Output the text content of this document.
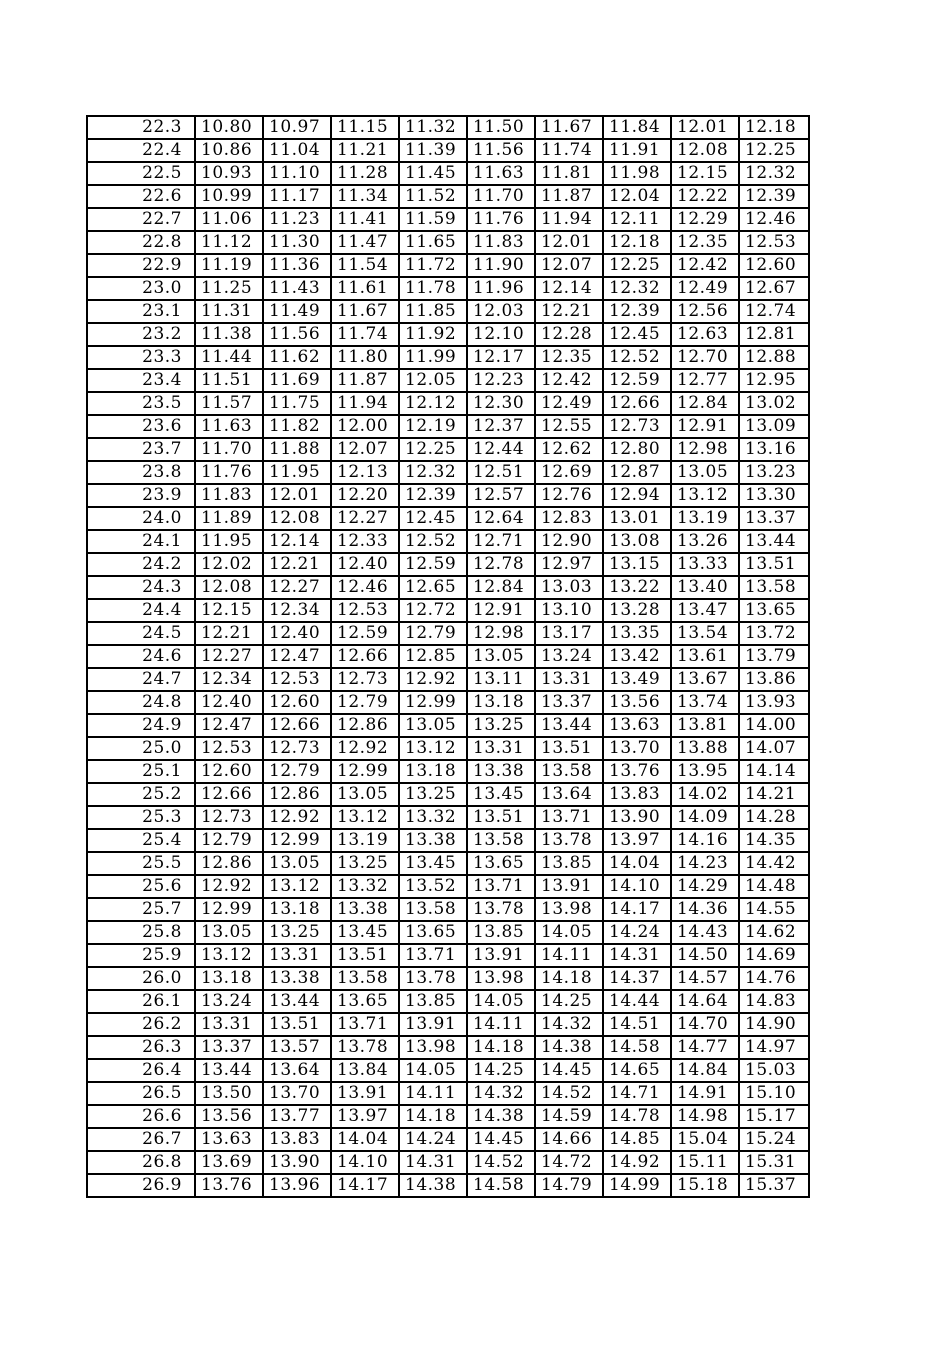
22.3	10.80	10.97	11.15	11.32	11.50	11.67	11.84	12.01	12.18
22.4	10.86	11.04	11.21	11.39	11.56	11.74	11.91	12.08	12.25
22.5	10.93	11.10	11.28	11.45	11.63	11.81	11.98	12.15	12.32
22.6	10.99	11.17	11.34	11.52	11.70	11.87	12.04	12.22	12.39
22.7	11.06	11.23	11.41	11.59	11.76	11.94	12.11	12.29	12.46
22.8	11.12	11.30	11.47	11.65	11.83	12.01	12.18	12.35	12.53
22.9	11.19	11.36	11.54	11.72	11.90	12.07	12.25	12.42	12.60
23.0	11.25	11.43	11.61	11.78	11.96	12.14	12.32	12.49	12.67
23.1	11.31	11.49	11.67	11.85	12.03	12.21	12.39	12.56	12.74
23.2	11.38	11.56	11.74	11.92	12.10	12.28	12.45	12.63	12.81
23.3	11.44	11.62	11.80	11.99	12.17	12.35	12.52	12.70	12.88
23.4	11.51	11.69	11.87	12.05	12.23	12.42	12.59	12.77	12.95
23.5	11.57	11.75	11.94	12.12	12.30	12.49	12.66	12.84	13.02
23.6	11.63	11.82	12.00	12.19	12.37	12.55	12.73	12.91	13.09
23.7	11.70	11.88	12.07	12.25	12.44	12.62	12.80	12.98	13.16
23.8	11.76	11.95	12.13	12.32	12.51	12.69	12.87	13.05	13.23
23.9	11.83	12.01	12.20	12.39	12.57	12.76	12.94	13.12	13.30
24.0	11.89	12.08	12.27	12.45	12.64	12.83	13.01	13.19	13.37
24.1	11.95	12.14	12.33	12.52	12.71	12.90	13.08	13.26	13.44
24.2	12.02	12.21	12.40	12.59	12.78	12.97	13.15	13.33	13.51
24.3	12.08	12.27	12.46	12.65	12.84	13.03	13.22	13.40	13.58
24.4	12.15	12.34	12.53	12.72	12.91	13.10	13.28	13.47	13.65
24.5	12.21	12.40	12.59	12.79	12.98	13.17	13.35	13.54	13.72
24.6	12.27	12.47	12.66	12.85	13.05	13.24	13.42	13.61	13.79
24.7	12.34	12.53	12.73	12.92	13.11	13.31	13.49	13.67	13.86
24.8	12.40	12.60	12.79	12.99	13.18	13.37	13.56	13.74	13.93
24.9	12.47	12.66	12.86	13.05	13.25	13.44	13.63	13.81	14.00
25.0	12.53	12.73	12.92	13.12	13.31	13.51	13.70	13.88	14.07
25.1	12.60	12.79	12.99	13.18	13.38	13.58	13.76	13.95	14.14
25.2	12.66	12.86	13.05	13.25	13.45	13.64	13.83	14.02	14.21
25.3	12.73	12.92	13.12	13.32	13.51	13.71	13.90	14.09	14.28
25.4	12.79	12.99	13.19	13.38	13.58	13.78	13.97	14.16	14.35
25.5	12.86	13.05	13.25	13.45	13.65	13.85	14.04	14.23	14.42
25.6	12.92	13.12	13.32	13.52	13.71	13.91	14.10	14.29	14.48
25.7	12.99	13.18	13.38	13.58	13.78	13.98	14.17	14.36	14.55
25.8	13.05	13.25	13.45	13.65	13.85	14.05	14.24	14.43	14.62
25.9	13.12	13.31	13.51	13.71	13.91	14.11	14.31	14.50	14.69
26.0	13.18	13.38	13.58	13.78	13.98	14.18	14.37	14.57	14.76
26.1	13.24	13.44	13.65	13.85	14.05	14.25	14.44	14.64	14.83
26.2	13.31	13.51	13.71	13.91	14.11	14.32	14.51	14.70	14.90
26.3	13.37	13.57	13.78	13.98	14.18	14.38	14.58	14.77	14.97
26.4	13.44	13.64	13.84	14.05	14.25	14.45	14.65	14.84	15.03
26.5	13.50	13.70	13.91	14.11	14.32	14.52	14.71	14.91	15.10
26.6	13.56	13.77	13.97	14.18	14.38	14.59	14.78	14.98	15.17
26.7	13.63	13.83	14.04	14.24	14.45	14.66	14.85	15.04	15.24
26.8	13.69	13.90	14.10	14.31	14.52	14.72	14.92	15.11	15.31
26.9	13.76	13.96	14.17	14.38	14.58	14.79	14.99	15.18	15.37
